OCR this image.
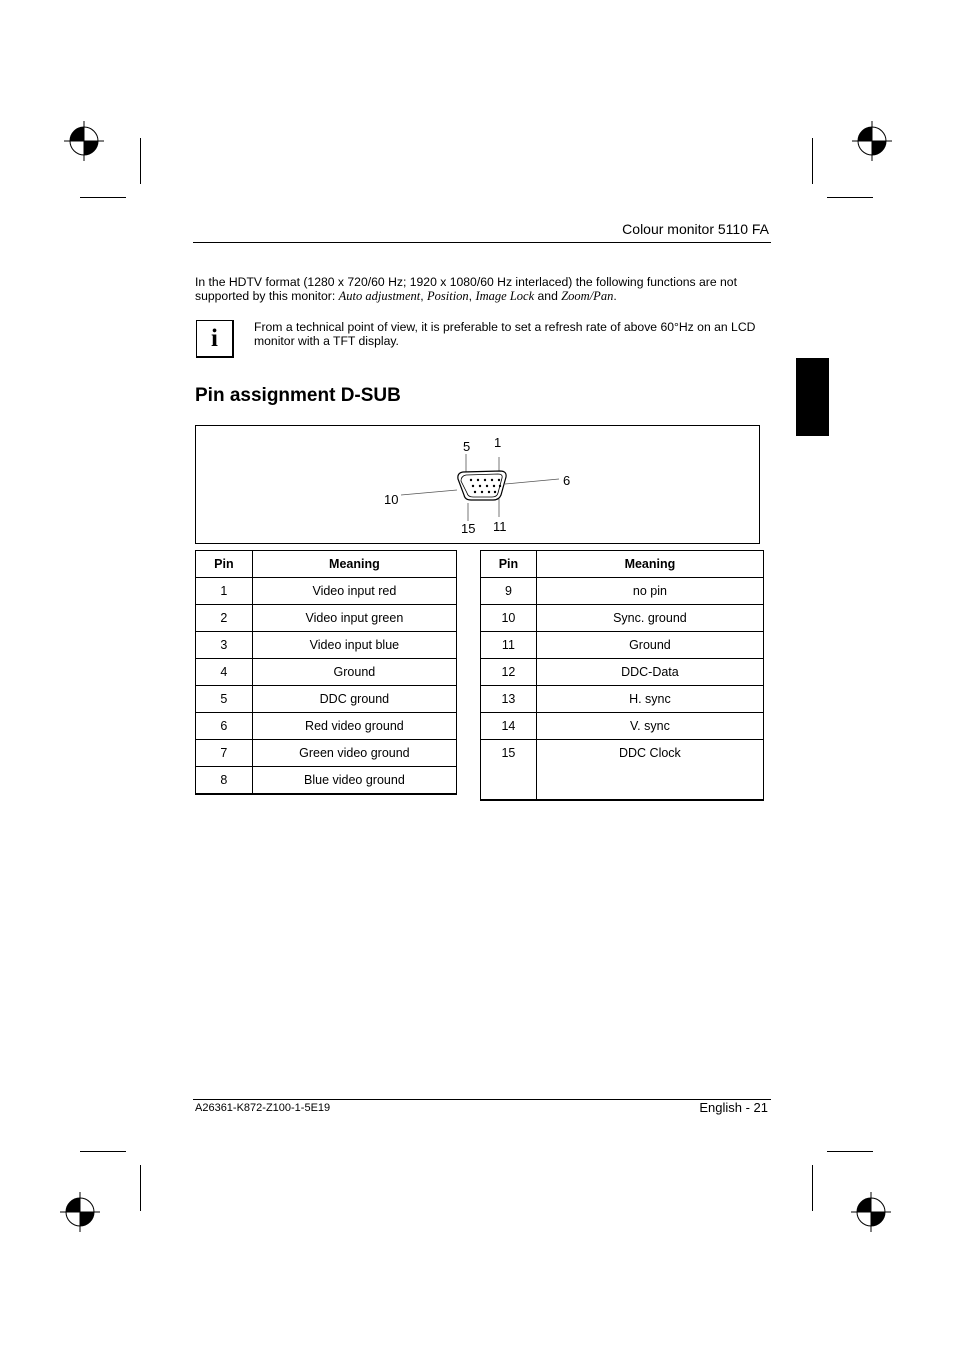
Colour monitor 5110 FA
In the HDTV format (1280 x 720/60 Hz; 1920 x 1080/60 Hz interlaced) the following functions are not supported by this monitor: Auto adjustment, Position, Image Lock and Zoom/Pan.
i	From a technical point of view, it is preferable to set a refresh rate of above 60°Hz on an LCD monitor with a TFT display.
Pin assignment D-SUB
5 1
6
10
15 11
Pin	Meaning
1	Video input red
2	Video input green
3	Video input blue
4	Ground
5	DDC ground
6	Red video ground
7	Green video ground
8	Blue video ground
Pin	Meaning
9	no pin
10	Sync. ground
11	Ground
12	DDC-Data
13	H. sync
14	V. sync
15	DDC Clock
A26361-K872-Z100-1-5E19	English - 21
